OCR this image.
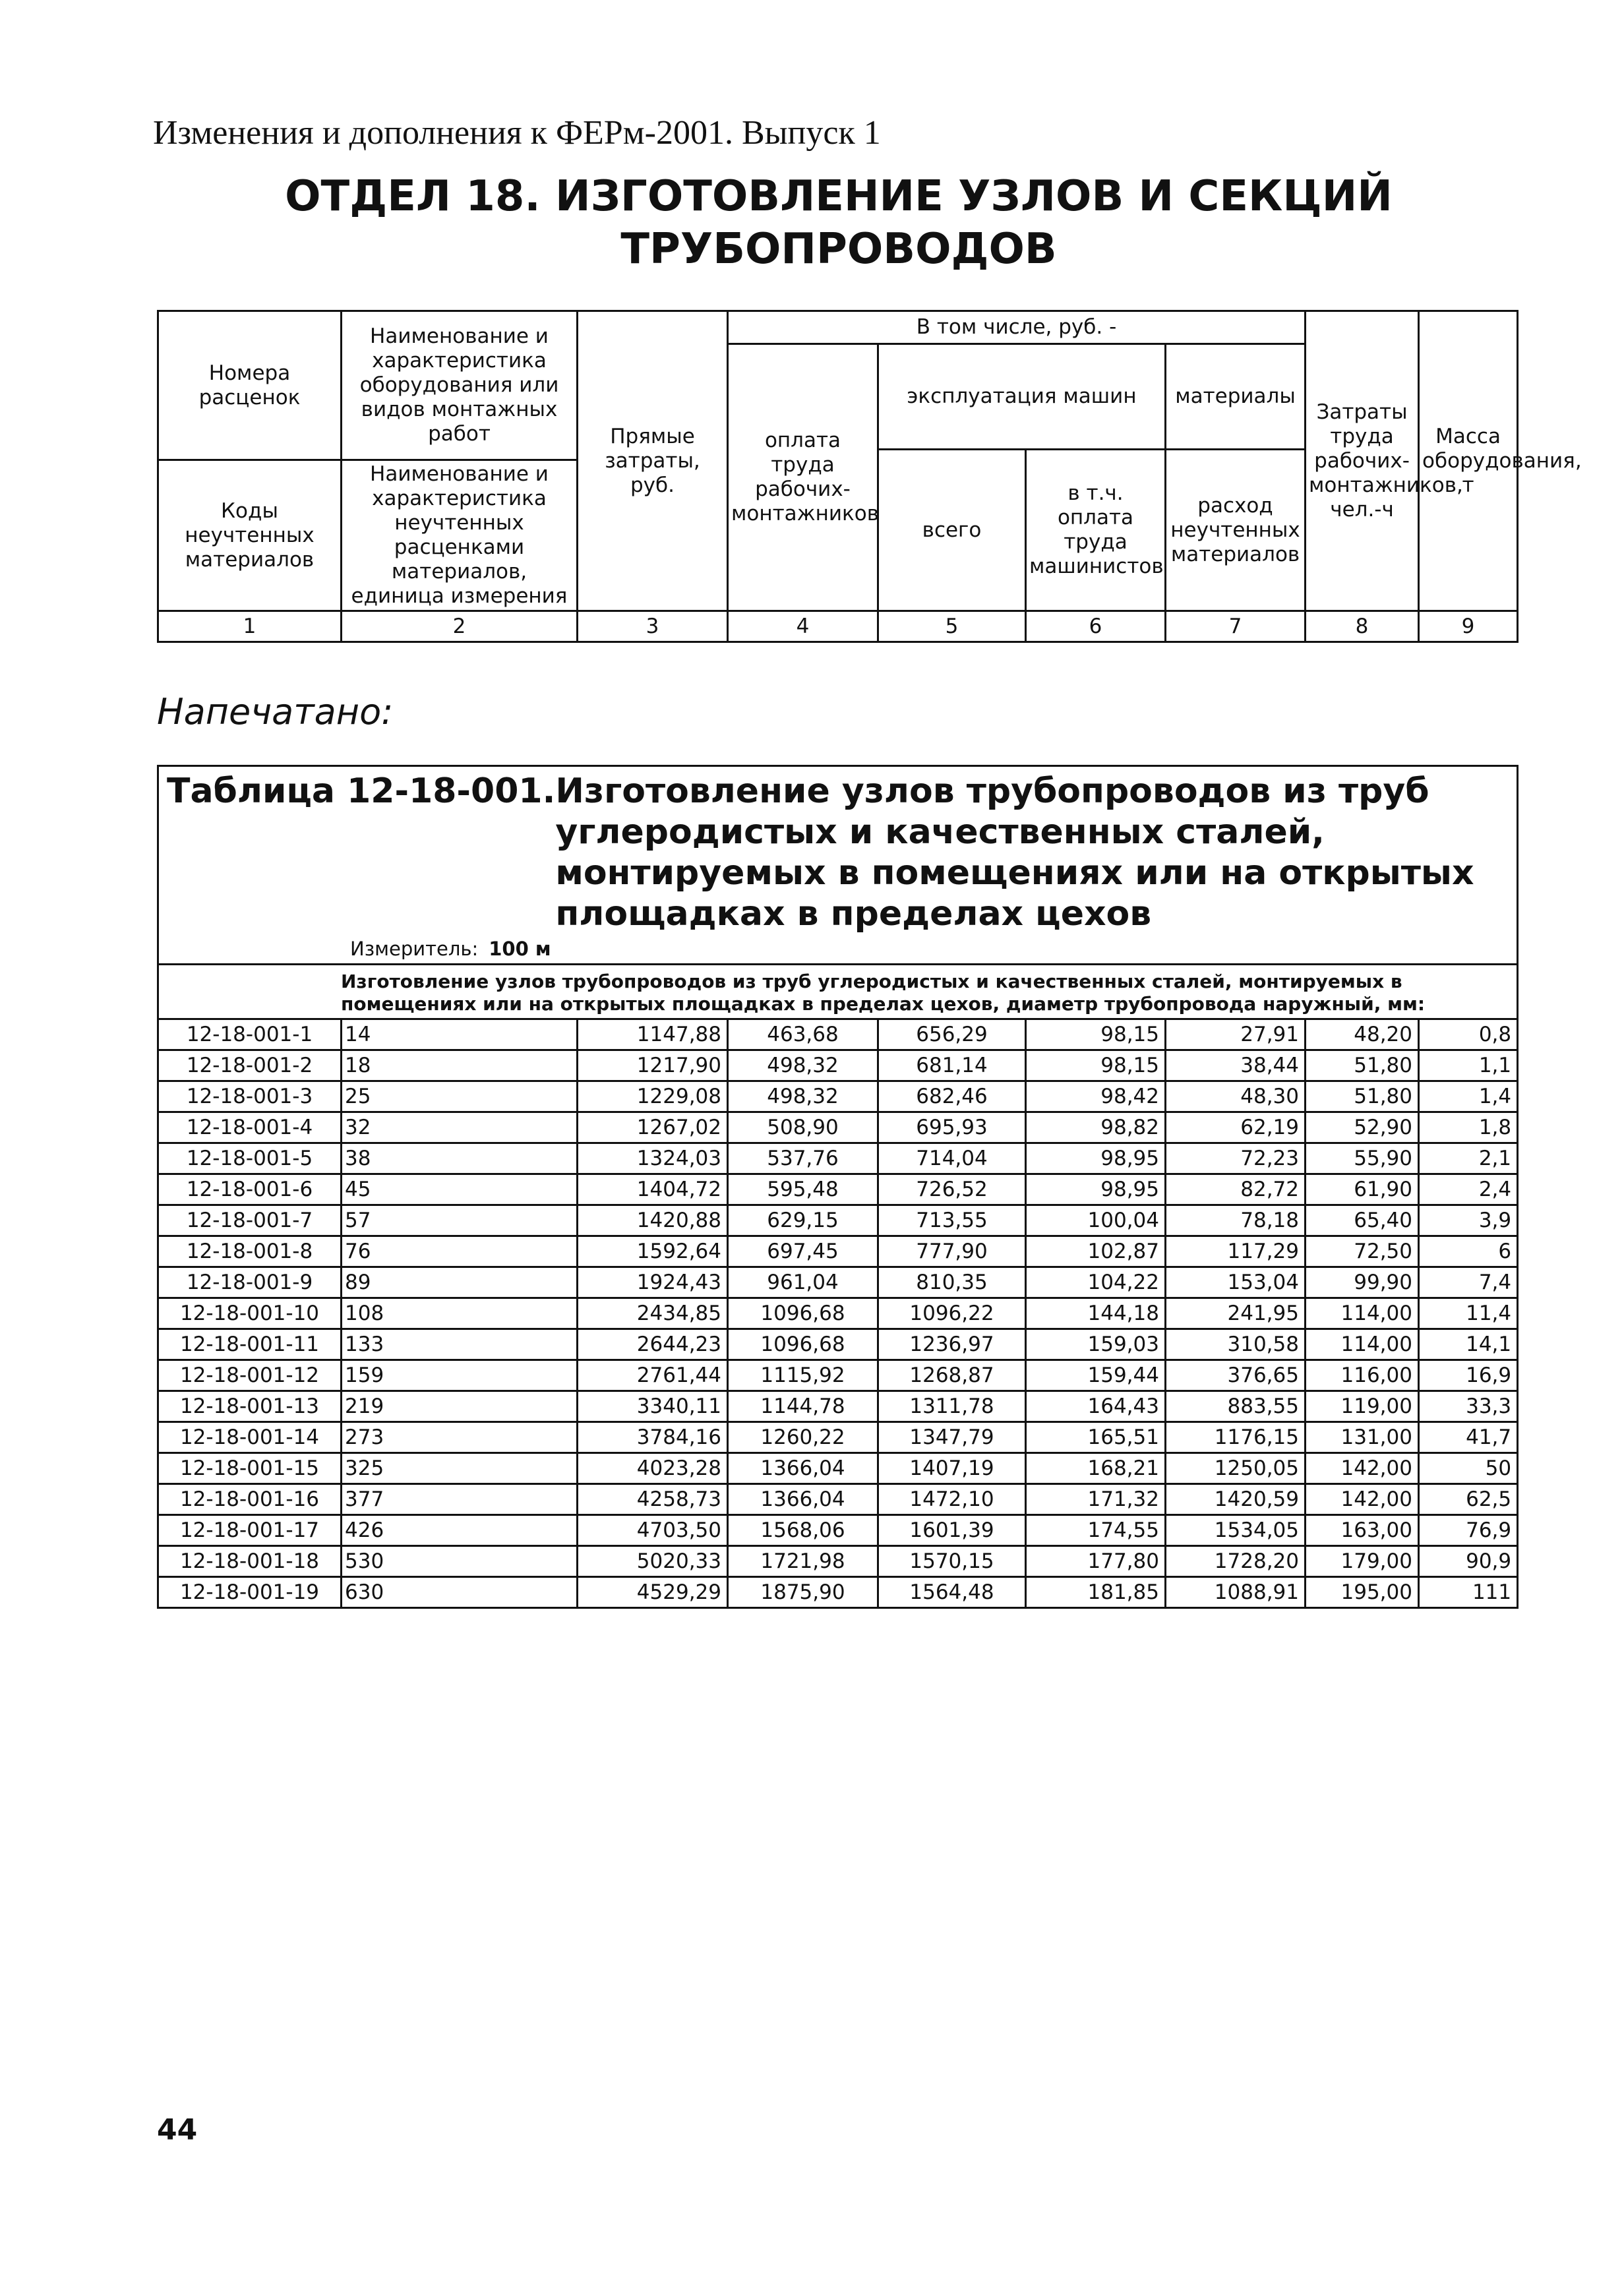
Изменения и дополнения к ФЕРм-2001. Выпуск 1
ОТДЕЛ 18. ИЗГОТОВЛЕНИЕ УЗЛОВ И СЕКЦИЙ
ТРУБОПРОВОДОВ
Номера расценок	Наименование и характеристика оборудования или видов монтажных работ	Прямые затраты, руб.	В том числе, руб. -				Затраты труда рабочих-монтажников, чел.-ч	Масса оборудования, т
			оплата труда рабочих-монтажников	эксплуатация машин		материалы		
				всего	в т.ч. оплата труда машинистов	расход неучтенных материалов		
Коды неучтенных материалов	Наименование и характеристика неучтенных расценками материалов, единица измерения							

1	2	3	4	5	6	7	8	9
Напечатано:
Таблица 12-18-001. Изготовление узлов трубопроводов из труб углеродистых и качественных сталей, монтируемых в помещениях или на открытых площадках в пределах цехов
Измеритель: 100 м								

Изготовление узлов трубопроводов из труб углеродистых и качественных сталей, монтируемых в помещениях или на открытых площадках в пределах цехов, диаметр трубопровода наружный, мм:								
12-18-001-1	14	1147,88	463,68	656,29	98,15	27,91	48,20	0,8
12-18-001-2	18	1217,90	498,32	681,14	98,15	38,44	51,80	1,1
12-18-001-3	25	1229,08	498,32	682,46	98,42	48,30	51,80	1,4
12-18-001-4	32	1267,02	508,90	695,93	98,82	62,19	52,90	1,8
12-18-001-5	38	1324,03	537,76	714,04	98,95	72,23	55,90	2,1
12-18-001-6	45	1404,72	595,48	726,52	98,95	82,72	61,90	2,4
12-18-001-7	57	1420,88	629,15	713,55	100,04	78,18	65,40	3,9
12-18-001-8	76	1592,64	697,45	777,90	102,87	117,29	72,50	6
12-18-001-9	89	1924,43	961,04	810,35	104,22	153,04	99,90	7,4
12-18-001-10	108	2434,85	1096,68	1096,22	144,18	241,95	114,00	11,4
12-18-001-11	133	2644,23	1096,68	1236,97	159,03	310,58	114,00	14,1
12-18-001-12	159	2761,44	1115,92	1268,87	159,44	376,65	116,00	16,9
12-18-001-13	219	3340,11	1144,78	1311,78	164,43	883,55	119,00	33,3
12-18-001-14	273	3784,16	1260,22	1347,79	165,51	1176,15	131,00	41,7
12-18-001-15	325	4023,28	1366,04	1407,19	168,21	1250,05	142,00	50
12-18-001-16	377	4258,73	1366,04	1472,10	171,32	1420,59	142,00	62,5
12-18-001-17	426	4703,50	1568,06	1601,39	174,55	1534,05	163,00	76,9
12-18-001-18	530	5020,33	1721,98	1570,15	177,80	1728,20	179,00	90,9
12-18-001-19	630	4529,29	1875,90	1564,48	181,85	1088,91	195,00	111
44
